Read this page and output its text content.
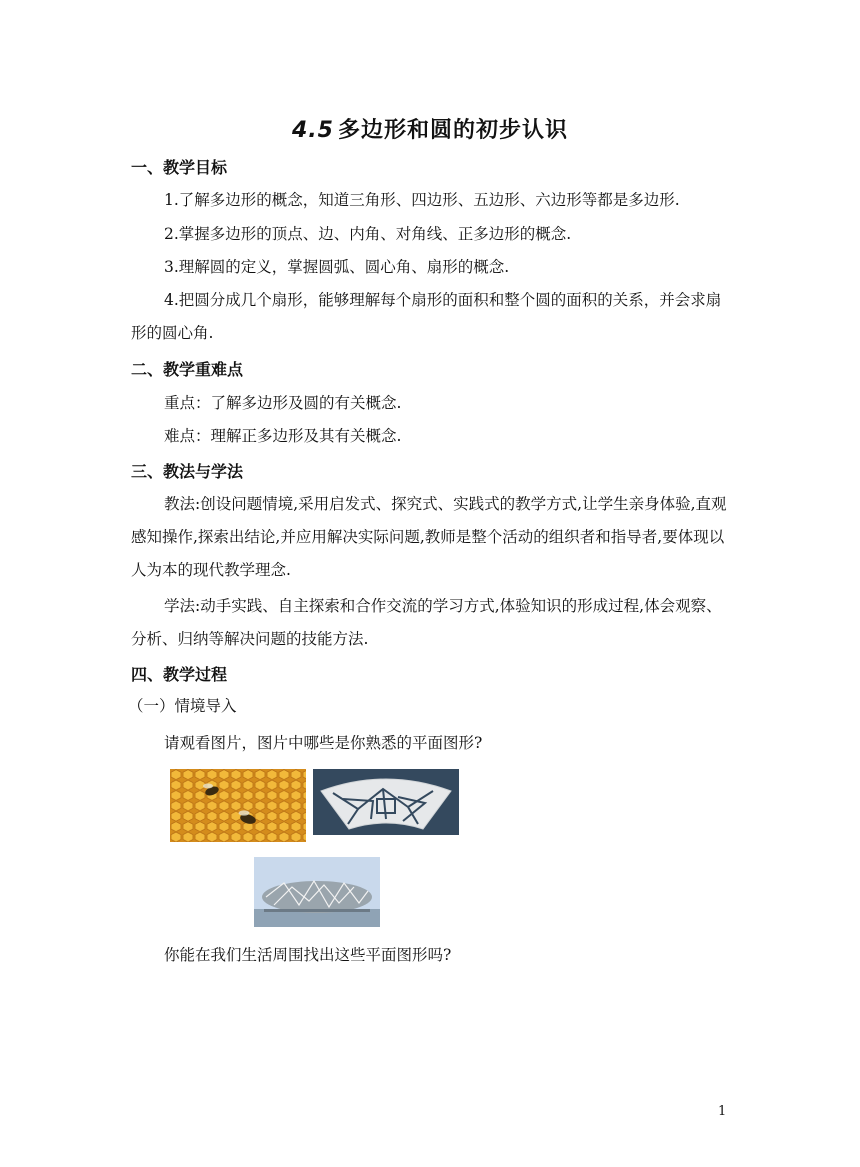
4.5 多边形和圆的初步认识
一、教学目标
1.了解多边形的概念，知道三角形、四边形、五边形、六边形等都是多边形.
2.掌握多边形的顶点、边、内角、对角线、正多边形的概念.
3.理解圆的定义，掌握圆弧、圆心角、扇形的概念.
4.把圆分成几个扇形，能够理解每个扇形的面积和整个圆的面积的关系，并会求扇形的圆心角.
二、教学重难点
重点：了解多边形及圆的有关概念.
难点：理解正多边形及其有关概念.
三、教法与学法
教法:创设问题情境,采用启发式、探究式、实践式的教学方式,让学生亲身体验,直观感知操作,探索出结论,并应用解决实际问题,教师是整个活动的组织者和指导者,要体现以人为本的现代教学理念.
学法:动手实践、自主探索和合作交流的学习方式,体验知识的形成过程,体会观察、分析、归纳等解决问题的技能方法.
四、教学过程
（一）情境导入
请观看图片，图片中哪些是你熟悉的平面图形?
你能在我们生活周围找出这些平面图形吗?
1
